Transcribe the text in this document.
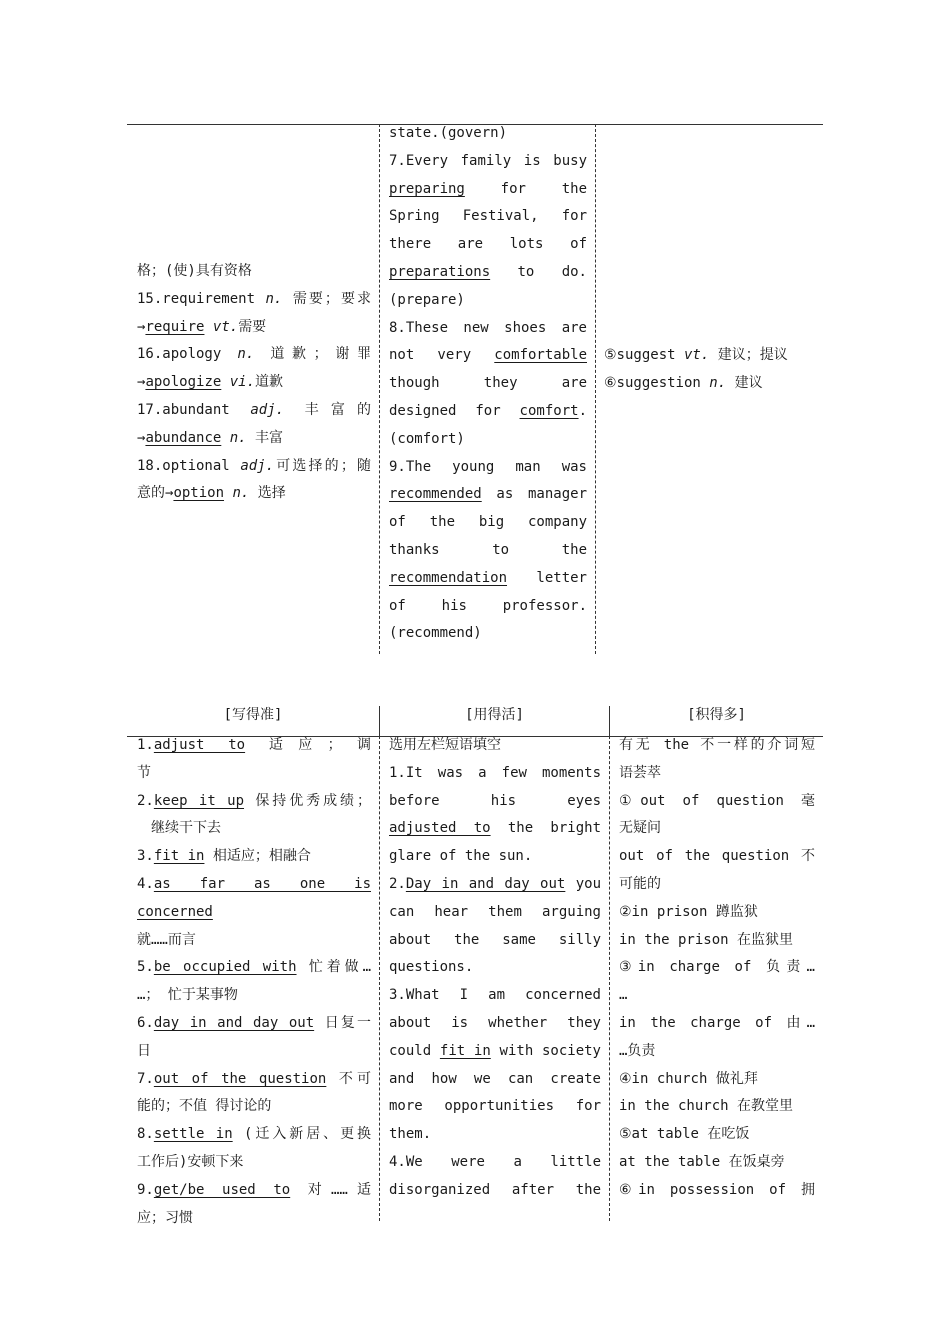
格；(使)具有资格

15.requirement n. 需要；要求

→require vt.需要

16.apology n. 道歉；谢罪

→apologize vi.道歉

17.abundant adj. 丰富的

→abundance n. 丰富

18.optional adj.可选择的；随

意的→option n. 选择

state.(govern)

7.Every family is busy

preparing for the

Spring Festival, for

there are lots of

preparations to do.

(prepare)

8.These new shoes are

not very comfortable

though they are

designed for comfort.

(comfort)

9.The young man was

recommended as manager

of the big company

thanks to the

recommendation letter

of his professor.

(recommend)

⑤suggest vt. 建议；提议

⑥suggestion n. 建议

[写得准]	[用得活]	[积得多]

1.adjust to 适应；调

节

2.keep it up 保持优秀成绩；

继续干下去

3.fit in 相适应；相融合

4.as far as one is concerned

就……而言

5.be occupied with 忙着做…

…； 忙于某事物

6.day in and day out 日复一

日

7.out of the question 不可

能的；不值 得讨论的

8.settle in (迁入新居、更换

工作后)安顿下来

9.get/be used to 对……适

应；习惯

选用左栏短语填空

1.It was a few moments

before his eyes

adjusted to the bright

glare of the sun.

2.Day in and day out you

can hear them arguing

about the same silly

questions.

3.What I am concerned

about is whether they

could fit in with society

and how we can create

more opportunities for

them.

4.We were a little

disorganized after the

有无 the 不一样的介词短

语荟萃

①out of question 毫

无疑问

out of the question 不

可能的

②in prison 蹲监狱

in the prison 在监狱里

③in charge of 负责…

…

in the charge of 由…

…负责

④in church 做礼拜

in the church 在教堂里

⑤at table 在吃饭

at the table 在饭桌旁

⑥in possession of 拥
